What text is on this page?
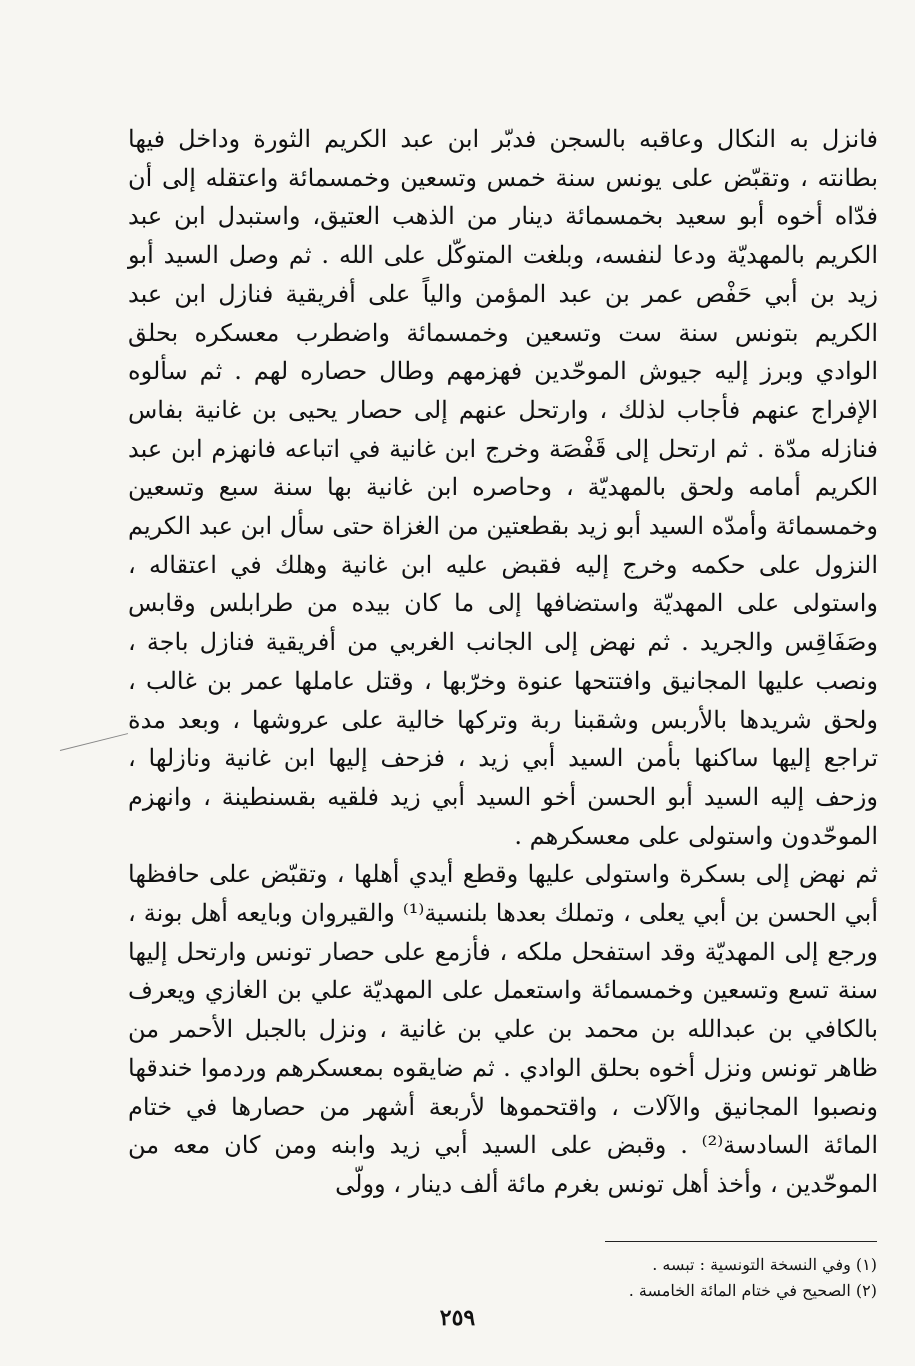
فانزل به النكال وعاقبه بالسجن فدبّر ابن عبد الكريم الثورة وداخل فيها بطانته ، وتقبّض على يونس سنة خمس وتسعين وخمسمائة واعتقله إلى أن فدّاه أخوه أبو سعيد بخمسمائة دينار من الذهب العتيق، واستبدل ابن عبد الكريم بالمهديّة ودعا لنفسه، وبلغت المتوكّل على الله . ثم وصل السيد أبو زيد بن أبي حَفْص عمر بن عبد المؤمن والياً على أفريقية فنازل ابن عبد الكريم بتونس سنة ست وتسعين وخمسمائة واضطرب معسكره بحلق الوادي وبرز إليه جيوش الموحّدين فهزمهم وطال حصاره لهم . ثم سألوه الإفراج عنهم فأجاب لذلك ، وارتحل عنهم إلى حصار يحيى بن غانية بفاس فنازله مدّة . ثم ارتحل إلى قَفْصَة وخرج ابن غانية في اتباعه فانهزم ابن عبد الكريم أمامه ولحق بالمهديّة ، وحاصره ابن غانية بها سنة سبع وتسعين وخمسمائة وأمدّه السيد أبو زيد بقطعتين من الغزاة حتى سأل ابن عبد الكريم النزول على حكمه وخرج إليه فقبض عليه ابن غانية وهلك في اعتقاله ، واستولى على المهديّة واستضافها إلى ما كان بيده من طرابلس وقابس وصَفَاقِس والجريد . ثم نهض إلى الجانب الغربي من أفريقية فنازل باجة ، ونصب عليها المجانيق وافتتحها عنوة وخرّبها ، وقتل عاملها عمر بن غالب ، ولحق شريدها بالأربس وشقبنا ربة وتركها خالية على عروشها ، وبعد مدة تراجع إليها ساكنها بأمن السيد أبي زيد ، فزحف إليها ابن غانية ونازلها ، وزحف إليه السيد أبو الحسن أخو السيد أبي زيد فلقيه بقسنطينة ، وانهزم الموحّدون واستولى على معسكرهم .

ثم نهض إلى بسكرة واستولى عليها وقطع أيدي أهلها ، وتقبّض على حافظها أبي الحسن بن أبي يعلى ، وتملك بعدها بلنسية⁽¹⁾ والقيروان وبايعه أهل بونة ، ورجع إلى المهديّة وقد استفحل ملكه ، فأزمع على حصار تونس وارتحل إليها سنة تسع وتسعين وخمسمائة واستعمل على المهديّة علي بن الغازي ويعرف بالكافي بن عبدالله بن محمد بن علي بن غانية ، ونزل بالجبل الأحمر من ظاهر تونس ونزل أخوه بحلق الوادي . ثم ضايقوه بمعسكرهم وردموا خندقها ونصبوا المجانيق والآلات ، واقتحموها لأربعة أشهر من حصارها في ختام المائة السادسة⁽²⁾ . وقبض على السيد أبي زيد وابنه ومن كان معه من الموحّدين ، وأخذ أهل تونس بغرم مائة ألف دينار ، وولّى

(١) وفي النسخة التونسية : تبسه .
(٢) الصحيح في ختام المائة الخامسة .
٢٥٩
